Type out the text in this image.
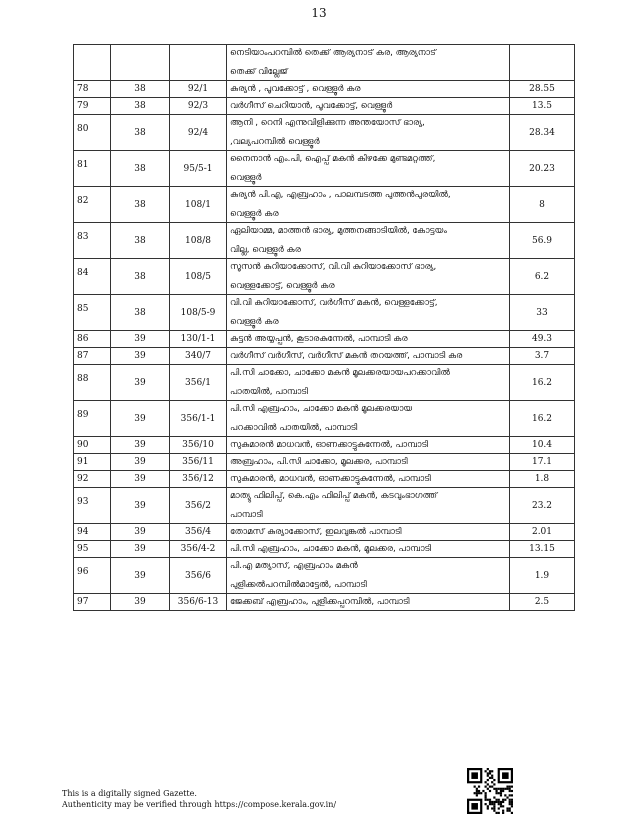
13

			നെടിയാംപറമ്പിൽ തെക്ക് ആര്യനാട് കര, ആര്യനാട്
തെക്ക് വില്ലേജ്	

78	38	92/1	കുര്യൻ , പൂവക്കോട്ട് , വെള്ളൂർ കര	28.55
79	38	92/3	വർഗീസ് ചെറിയാൻ, പൂവക്കോട്ട്, വെള്ളൂർ	13.5
80	38	92/4	ആനി , റെനി എന്നുവിളിക്കുന്ന അന്തയോസ് ഭാര്യ,
,വല്യപറമ്പിൽ വെള്ളൂർ	28.34
81	38	95/5-1	നൈനാൻ എം.പി, ഐപ്പ് മകൻ കിഴക്കേ മുണ്ടമറ്റത്ത്,
വെള്ളൂർ	20.23
82	38	108/1	കുര്യൻ പി.എ, എബ്രഹാം , പാലമ്പടത്ത പുത്തൻപുരയിൽ,
വെള്ളൂർ കര	8
83	38	108/8	ഏലിയാമ്മ, മാത്തൻ ഭാര്യ, മുത്തനങ്ങാടിയിൽ, കോട്ടയം
വില്ല, വെള്ളൂർ കര	56.9
84	38	108/5	സൂസൻ കുറിയാക്കോസ്, വി.വി കുറിയാക്കോസ് ഭാര്യ,
വെള്ളക്കോട്ട്, വെള്ളൂർ കര	6.2
85	38	108/5-9	വി.വി കുറിയാക്കോസ്, വർഗീസ് മകൻ, വെള്ളക്കോട്ട്,
വെള്ളൂർ കര	33
86	39	130/1-1	കുട്ടൻ അയ്യപ്പൻ, കൂടാരകുന്നേൽ, പാമ്പാടി കര	49.3
87	39	340/7	വർഗീസ് വർഗീസ്, വർഗീസ് മകൻ തറയത്ത്, പാമ്പാടി കര	3.7
88	39	356/1	പി.സി ചാക്കോ, ചാക്കോ മകൻ മൂലക്കരയായപറക്കാവിൽ
പാതയിൽ, പാമ്പാടി	16.2
89	39	356/1-1	പി.സി എബ്രഹാം, ചാക്കോ മകൻ മൂലക്കരയായ
പറക്കാവിൽ പാതയിൽ, പാമ്പാടി	16.2
90	39	356/10	സുകുമാരൻ മാധവൻ, ഓണക്കാട്ടുകുന്നേൽ, പാമ്പാടി	10.4
91	39	356/11	അബ്രഹാം, പി.സി ചാക്കോ, മൂലക്കര, പാമ്പാടി	17.1
92	39	356/12	സുകുമാരൻ, മാധവൻ, ഓണക്കാട്ടുകുന്നേൽ, പാമ്പാടി	1.8
93	39	356/2	മാത്യു ഫിലിപ്പ്, കെ.എം ഫിലിപ്പ് മകൻ, കടവുംഭാഗത്ത്
പാമ്പാടി	23.2
94	39	356/4	തോമസ് കുര്യാക്കോസ്, ഇലവുങ്കൽ പാമ്പാടി	2.01
95	39	356/4-2	പി.സി എബ്രഹാം, ചാക്കോ മകൻ, മൂലക്കര, പാമ്പാടി	13.15
96	39	356/6	പി.എ മത്യാസ്, എബ്രഹാം മകൻ
പുളിക്കൽപറമ്പിൽമാട്ടേൽ, പാമ്പാടി	1.9
97	39	356/6-13	ജേക്കബ് എബ്രഹാം, പുളിക്കപ്പറമ്പിൽ, പാമ്പാടി	2.5
This is a digitally signed Gazette.
Authenticity may be verified through https://compose.kerala.gov.in/
